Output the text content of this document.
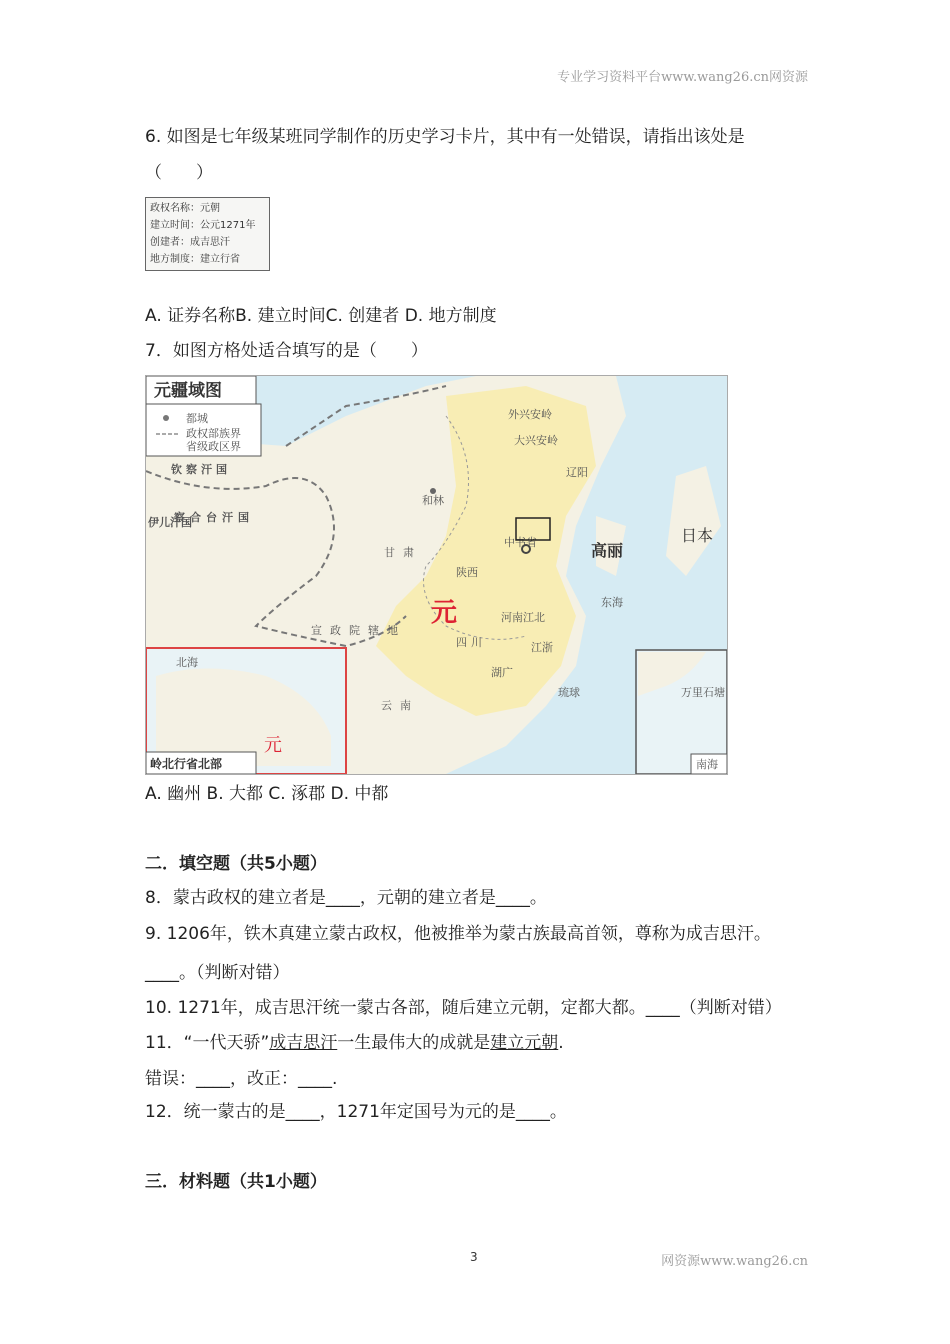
专业学习资料平台www.wang26.cn网资源
6. 如图是七年级某班同学制作的历史学习卡片，其中有一处错误，请指出该处是
（　　）
政权名称：元朝
建立时间：公元1271年
创建者：成吉思汗
地方制度：建立行省
A. 证券名称B. 建立时间C. 创建者 D. 地方制度
7．如图方格处适合填写的是（　　）
元疆域图
都城
政权部族界
省级政区界
钦察汗国
察合台汗国
伊儿汗国
元
和林
甘肃
陕西
中书省
河南江北
四川	江浙
湖广
云南
宣政院辖地
辽阳
高丽
日本
琉球
外兴安岭
大兴安岭
东海
北海
元
岭北行省北部
万里石塘
南海
A. 幽州 B. 大都 C. 涿郡 D. 中都
二．填空题（共5小题）
8．蒙古政权的建立者是____，元朝的建立者是____。
9. 1206年，铁木真建立蒙古政权，他被推举为蒙古族最高首领，尊称为成吉思汗。
____。（判断对错）
10. 1271年，成吉思汗统一蒙古各部，随后建立元朝，定都大都。____（判断对错）
11．“一代天骄”成吉思汗一生最伟大的成就是建立元朝.
错误：____，改正：____.
12．统一蒙古的是____，1271年定国号为元的是____。
三．材料题（共1小题）
3	网资源www.wang26.cn
